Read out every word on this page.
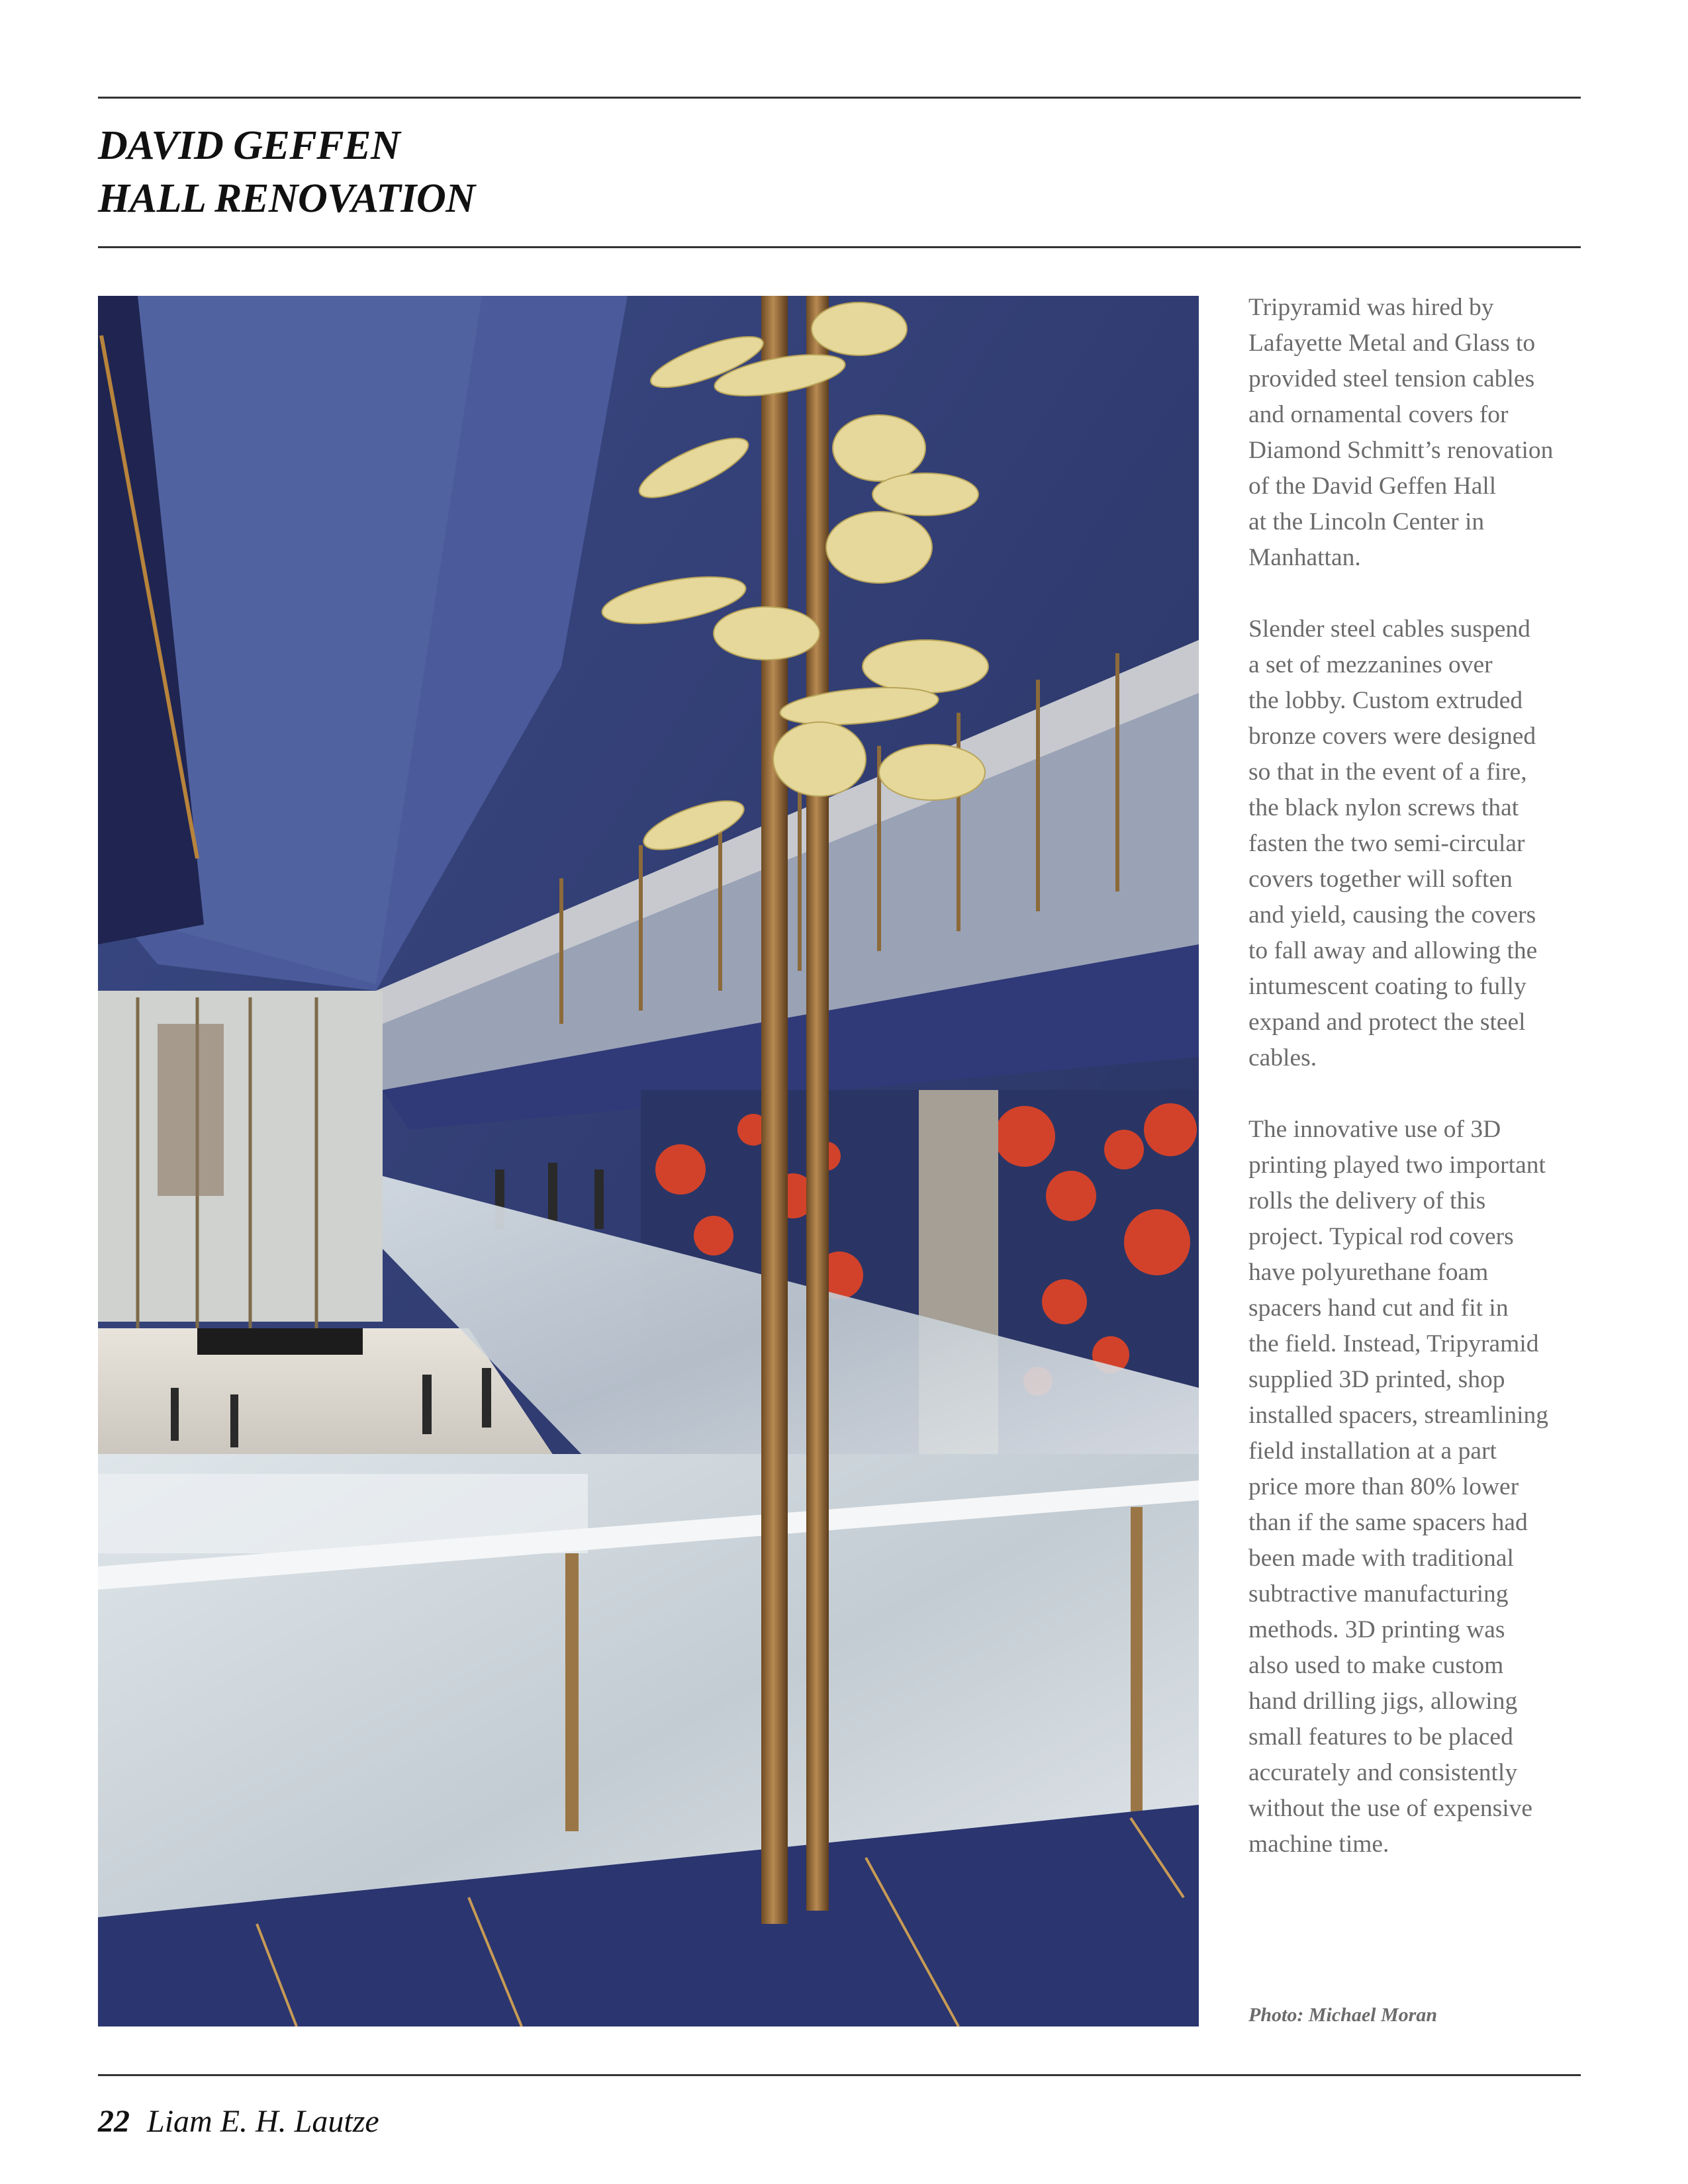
DAVID GEFFEN
HALL RENOVATION

Tripyramid was hired by
Lafayette Metal and Glass to
provided steel tension cables
and ornamental covers for
Diamond Schmitt’s renovation
of the David Geffen Hall
at the Lincoln Center in
Manhattan.

Slender steel cables suspend
a set of mezzanines over
the lobby. Custom extruded
bronze covers were designed
so that in the event of a fire,
the black nylon screws that
fasten the two semi-circular
covers together will soften
and yield, causing the covers
to fall away and allowing the
intumescent coating to fully
expand and protect the steel
cables.

The innovative use of 3D
printing played two important
rolls the delivery of this
project. Typical rod covers
have polyurethane foam
spacers hand cut and fit in
the field. Instead, Tripyramid
supplied 3D printed, shop
installed spacers, streamlining
field installation at a part
price more than 80% lower
than if the same spacers had
been made with traditional
subtractive manufacturing
methods. 3D printing was
also used to make custom
hand drilling jigs, allowing
small features to be placed
accurately and consistently
without the use of expensive
machine time.

Photo: Michael Moran
22 Liam E. H. Lautze
